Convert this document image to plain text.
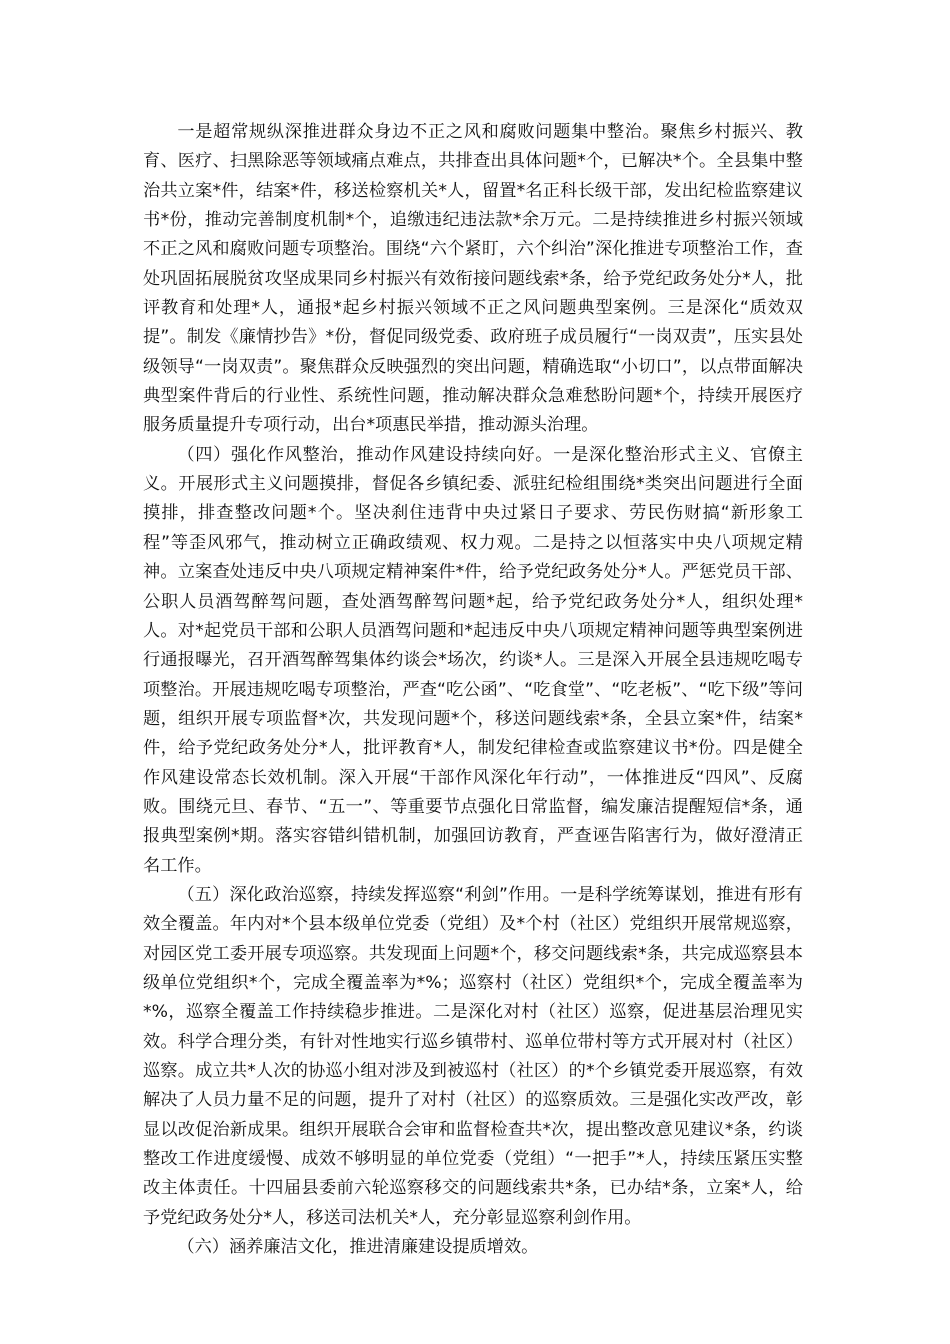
一是超常规纵深推进群众身边不正之风和腐败问题集中整治。聚焦乡村振兴、教育、医疗、扫黑除恶等领域痛点难点，共排查出具体问题*个，已解决*个。全县集中整治共立案*件，结案*件，移送检察机关*人，留置*名正科长级干部，发出纪检监察建议书*份，推动完善制度机制*个，追缴违纪违法款*余万元。二是持续推进乡村振兴领域不正之风和腐败问题专项整治。围绕“六个紧盯，六个纠治”深化推进专项整治工作，查处巩固拓展脱贫攻坚成果同乡村振兴有效衔接问题线索*条，给予党纪政务处分*人，批评教育和处理*人，通报*起乡村振兴领域不正之风问题典型案例。三是深化“质效双提”。制发《廉情抄告》*份，督促同级党委、政府班子成员履行“一岗双责”，压实县处级领导“一岗双责”。聚焦群众反映强烈的突出问题，精确选取“小切口”，以点带面解决典型案件背后的行业性、系统性问题，推动解决群众急难愁盼问题*个，持续开展医疗服务质量提升专项行动，出台*项惠民举措，推动源头治理。

（四）强化作风整治，推动作风建设持续向好。一是深化整治形式主义、官僚主义。开展形式主义问题摸排，督促各乡镇纪委、派驻纪检组围绕*类突出问题进行全面摸排，排查整改问题*个。坚决刹住违背中央过紧日子要求、劳民伤财搞“新形象工程”等歪风邪气，推动树立正确政绩观、权力观。二是持之以恒落实中央八项规定精神。立案查处违反中央八项规定精神案件*件，给予党纪政务处分*人。严惩党员干部、公职人员酒驾醉驾问题，查处酒驾醉驾问题*起，给予党纪政务处分*人，组织处理*人。对*起党员干部和公职人员酒驾问题和*起违反中央八项规定精神问题等典型案例进行通报曝光，召开酒驾醉驾集体约谈会*场次，约谈*人。三是深入开展全县违规吃喝专项整治。开展违规吃喝专项整治，严查“吃公函”、“吃食堂”、“吃老板”、“吃下级”等问题，组织开展专项监督*次，共发现问题*个，移送问题线索*条，全县立案*件，结案*件，给予党纪政务处分*人，批评教育*人，制发纪律检查或监察建议书*份。四是健全作风建设常态长效机制。深入开展“干部作风深化年行动”，一体推进反“四风”、反腐败。围绕元旦、春节、“五一”、等重要节点强化日常监督，编发廉洁提醒短信*条，通报典型案例*期。落实容错纠错机制，加强回访教育，严查诬告陷害行为，做好澄清正名工作。

（五）深化政治巡察，持续发挥巡察“利剑”作用。一是科学统筹谋划，推进有形有效全覆盖。年内对*个县本级单位党委（党组）及*个村（社区）党组织开展常规巡察，对园区党工委开展专项巡察。共发现面上问题*个，移交问题线索*条，共完成巡察县本级单位党组织*个，完成全覆盖率为*%；巡察村（社区）党组织*个，完成全覆盖率为*%，巡察全覆盖工作持续稳步推进。二是深化对村（社区）巡察，促进基层治理见实效。科学合理分类，有针对性地实行巡乡镇带村、巡单位带村等方式开展对村（社区）巡察。成立共*人次的协巡小组对涉及到被巡村（社区）的*个乡镇党委开展巡察，有效解决了人员力量不足的问题，提升了对村（社区）的巡察质效。三是强化实改严改，彰显以改促治新成果。组织开展联合会审和监督检查共*次，提出整改意见建议*条，约谈整改工作进度缓慢、成效不够明显的单位党委（党组）“一把手”*人，持续压紧压实整改主体责任。十四届县委前六轮巡察移交的问题线索共*条，已办结*条，立案*人，给予党纪政务处分*人，移送司法机关*人，充分彰显巡察利剑作用。

（六）涵养廉洁文化，推进清廉建设提质增效。
